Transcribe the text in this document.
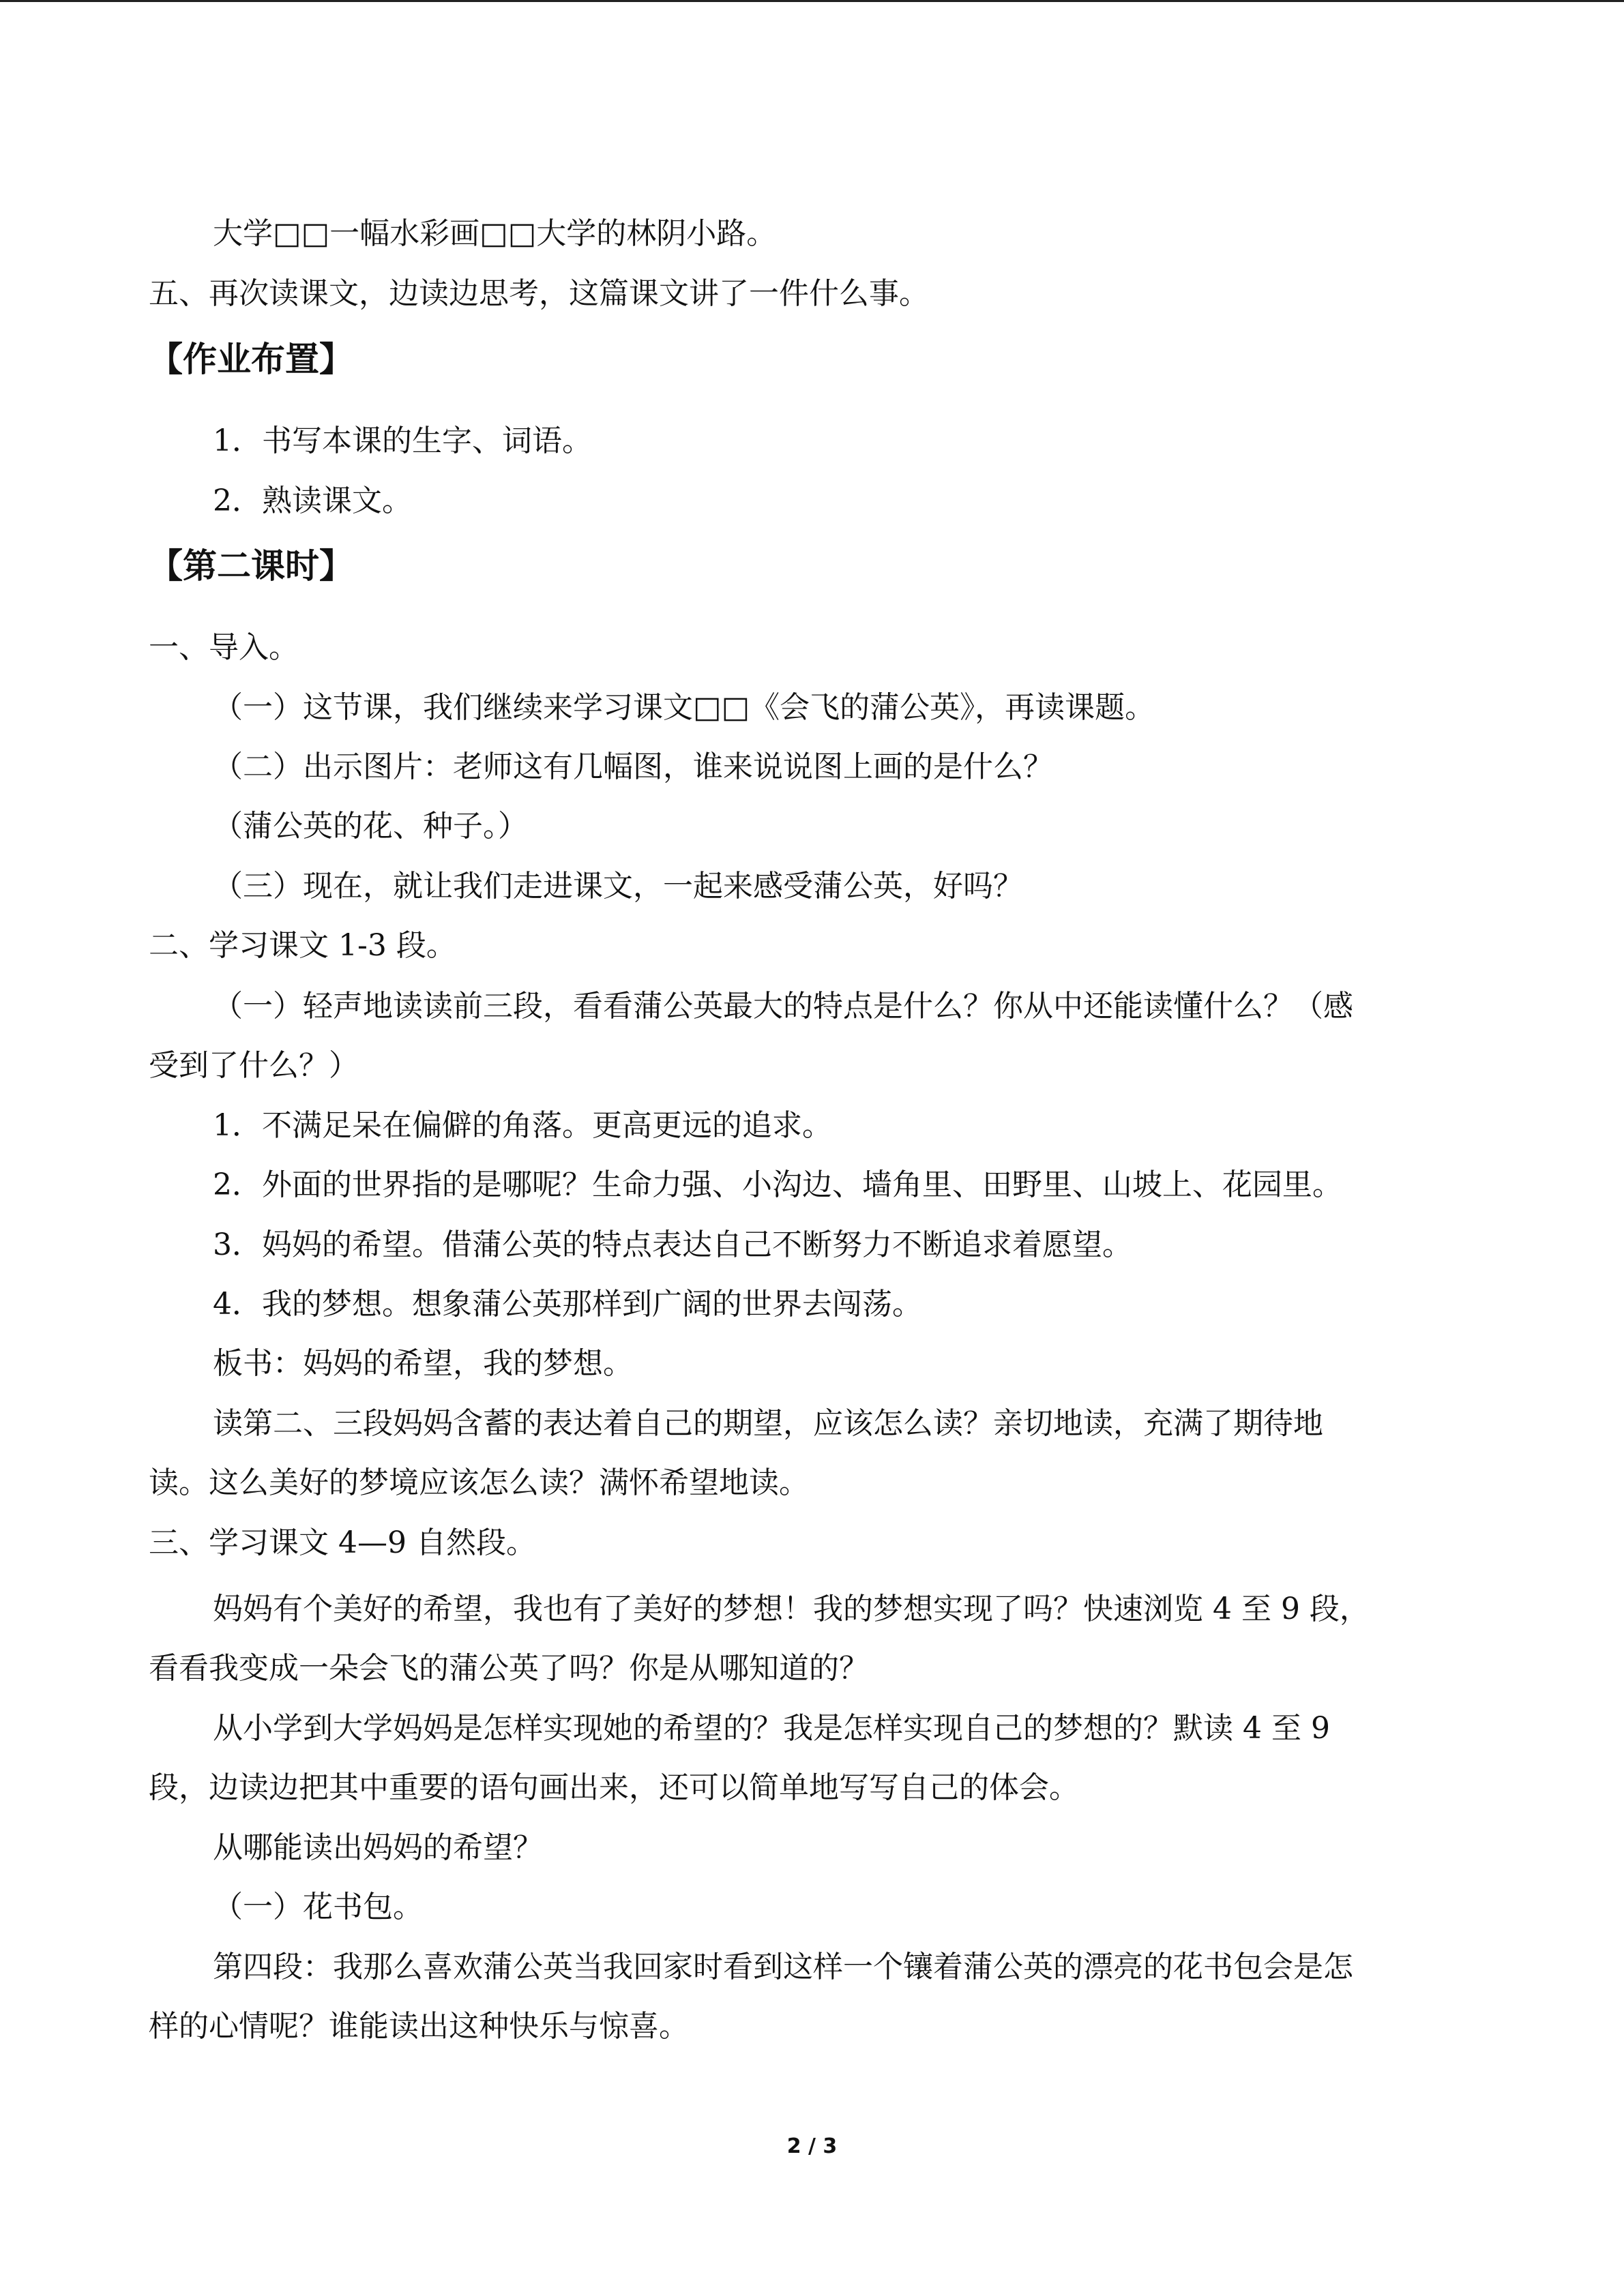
大学□□一幅水彩画□□大学的林阴小路。

五、再次读课文，边读边思考，这篇课文讲了一件什么事。

【作业布置】

1．书写本课的生字、词语。

2．熟读课文。

【第二课时】

一、导入。

（一）这节课，我们继续来学习课文□□《会飞的蒲公英》，再读课题。

（二）出示图片：老师这有几幅图，谁来说说图上画的是什么？

（蒲公英的花、种子。）

（三）现在，就让我们走进课文，一起来感受蒲公英，好吗？

二、学习课文 1-3 段。

（一）轻声地读读前三段，看看蒲公英最大的特点是什么？你从中还能读懂什么？（感

受到了什么？）

1．不满足呆在偏僻的角落。更高更远的追求。

2．外面的世界指的是哪呢？生命力强、小沟边、墙角里、田野里、山坡上、花园里。

3．妈妈的希望。借蒲公英的特点表达自己不断努力不断追求着愿望。

4．我的梦想。想象蒲公英那样到广阔的世界去闯荡。

板书：妈妈的希望，我的梦想。

读第二、三段妈妈含蓄的表达着自己的期望，应该怎么读？亲切地读，充满了期待地

读。这么美好的梦境应该怎么读？满怀希望地读。

三、学习课文 4—9 自然段。

妈妈有个美好的希望，我也有了美好的梦想！我的梦想实现了吗？快速浏览 4 至 9 段，

看看我变成一朵会飞的蒲公英了吗？你是从哪知道的？

从小学到大学妈妈是怎样实现她的希望的？我是怎样实现自己的梦想的？默读 4 至 9

段，边读边把其中重要的语句画出来，还可以简单地写写自己的体会。

从哪能读出妈妈的希望？

（一）花书包。

第四段：我那么喜欢蒲公英当我回家时看到这样一个镶着蒲公英的漂亮的花书包会是怎

样的心情呢？谁能读出这种快乐与惊喜。

2 / 3
